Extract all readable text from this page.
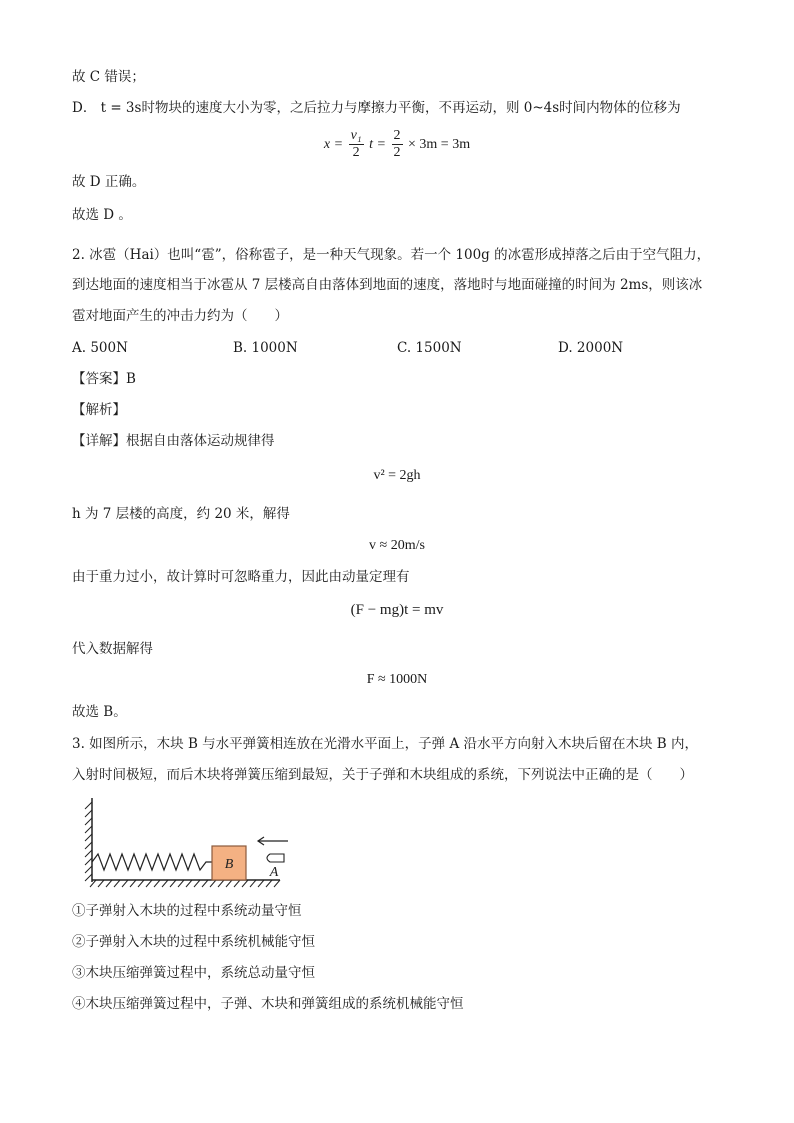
故 C 错误；
D． t = 3s时物块的速度大小为零，之后拉力与摩擦力平衡，不再运动，则 0~4s时间内物体的位移为
$x = \frac{\text{v₁}}{2}$ $t = \frac{2}{2} \times 3m = 3m$
故 D 正确。
故选 D 。
2. 冰雹（Hai）也叫“雹”，俗称雹子，是一种天气现象。若一个 100g 的冰雹形成掉落之后由于空气阻力，
到达地面的速度相当于冰雹从 7 层楼高自由落体到地面的速度，落地时与地面碰撞的时间为 2ms，则该冰
雹对地面产生的冲击力约为（　　）
A. 500N	B. 1000N	C. 1500N	D. 2000N
【答案】B
【解析】
【详解】根据自由落体运动规律得
v² = 2gh
h 为 7 层楼的高度，约 20 米，解得
v ≈ 20m/s
由于重力过小，故计算时可忽略重力，因此由动量定理有
(F − mg)t = mv
代入数据解得
F ≈ 1000N
故选 B。
3. 如图所示，木块 B 与水平弹簧相连放在光滑水平面上，子弹 A 沿水平方向射入木块后留在木块 B 内，
入射时间极短，而后木块将弹簧压缩到最短，关于子弹和木块组成的系统，下列说法中正确的是（　　）
B
A
①子弹射入木块的过程中系统动量守恒
②子弹射入木块的过程中系统机械能守恒
③木块压缩弹簧过程中，系统总动量守恒
④木块压缩弹簧过程中，子弹、木块和弹簧组成的系统机械能守恒
